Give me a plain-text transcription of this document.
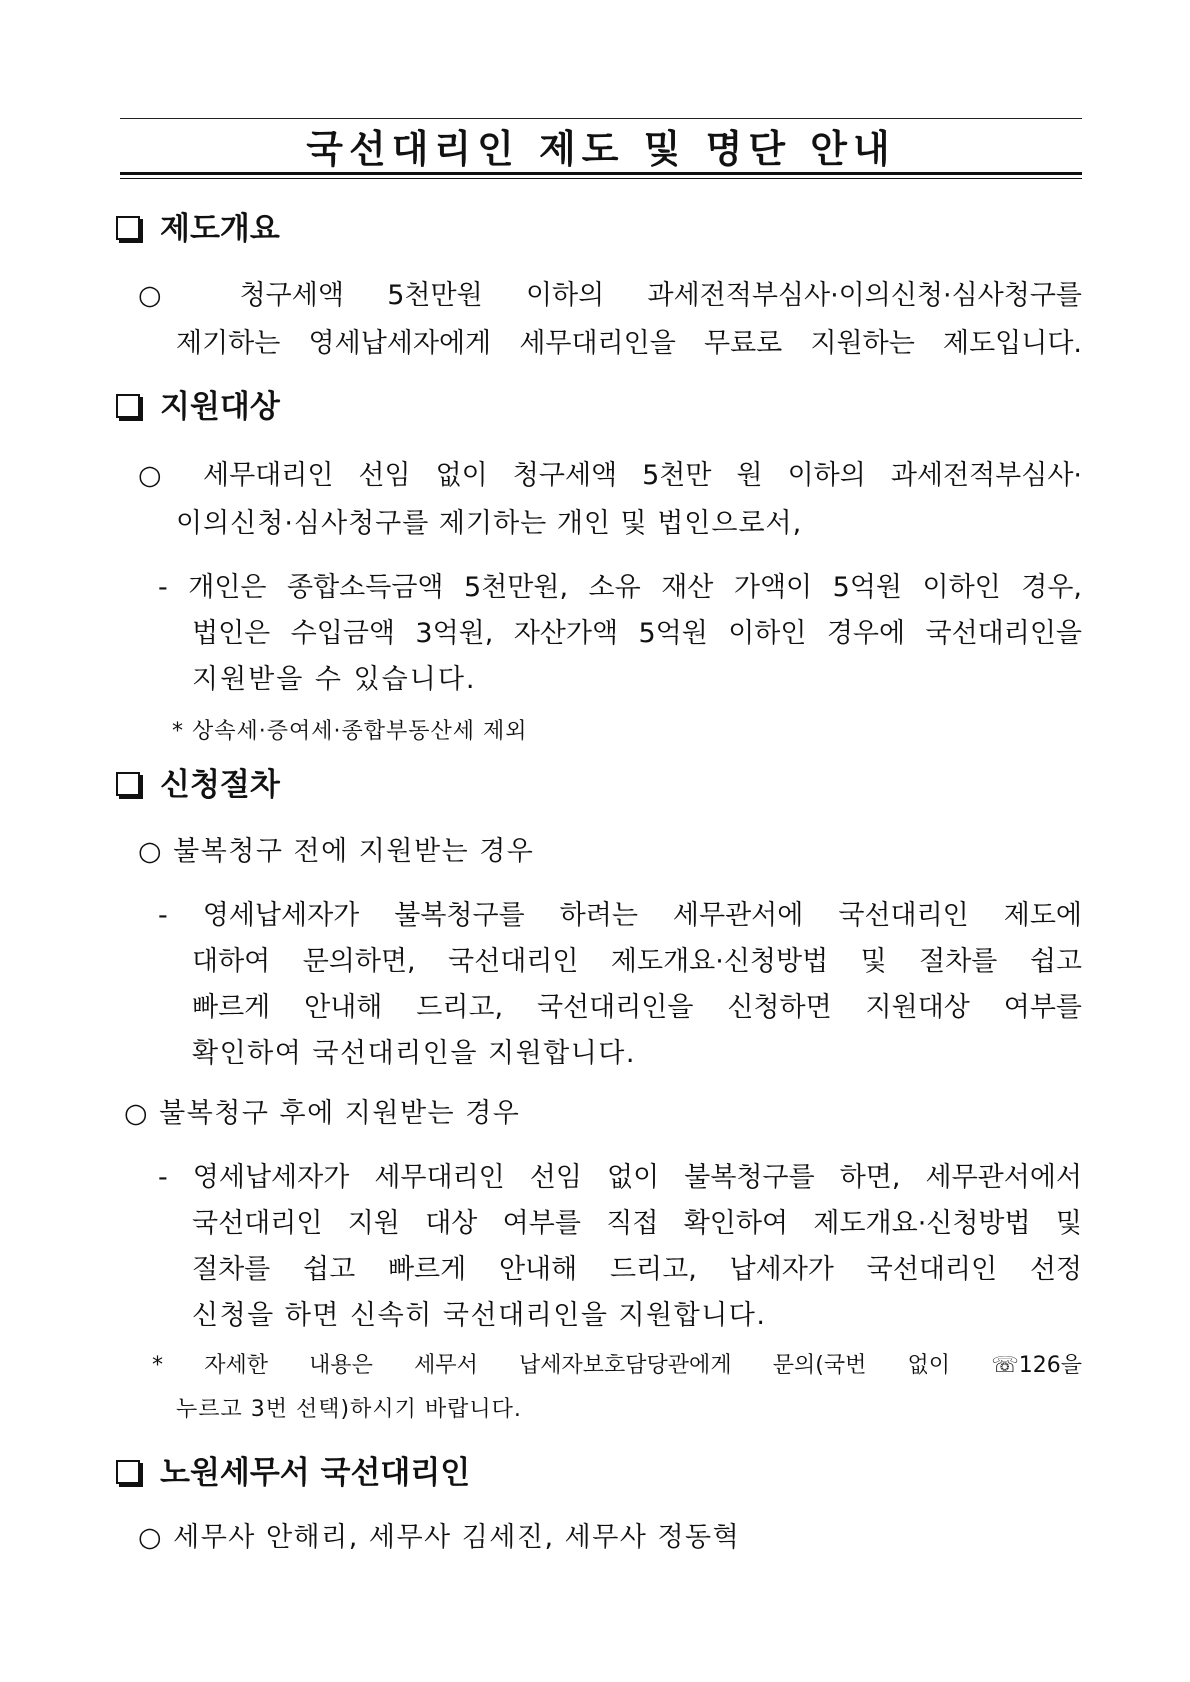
국선대리인 제도 및 명단 안내
제도개요
○ 청구세액 5천만원 이하의 과세전적부심사·이의신청·심사청구를
제기하는 영세납세자에게 세무대리인을 무료로 지원하는 제도입니다.
지원대상
○ 세무대리인 선임 없이 청구세액 5천만 원 이하의 과세전적부심사·
이의신청·심사청구를 제기하는 개인 및 법인으로서,
- 개인은 종합소득금액 5천만원, 소유 재산 가액이 5억원 이하인 경우,
법인은 수입금액 3억원, 자산가액 5억원 이하인 경우에 국선대리인을
지원받을 수 있습니다.
* 상속세·증여세·종합부동산세 제외
신청절차
○ 불복청구 전에 지원받는 경우
- 영세납세자가 불복청구를 하려는 세무관서에 국선대리인 제도에
대하여 문의하면, 국선대리인 제도개요·신청방법 및 절차를 쉽고
빠르게 안내해 드리고, 국선대리인을 신청하면 지원대상 여부를
확인하여 국선대리인을 지원합니다.
○ 불복청구 후에 지원받는 경우
- 영세납세자가 세무대리인 선임 없이 불복청구를 하면, 세무관서에서
국선대리인 지원 대상 여부를 직접 확인하여 제도개요·신청방법 및
절차를 쉽고 빠르게 안내해 드리고, 납세자가 국선대리인 선정
신청을 하면 신속히 국선대리인을 지원합니다.
* 자세한 내용은 세무서 납세자보호담당관에게 문의(국번 없이 ☏126을
누르고 3번 선택)하시기 바랍니다.
노원세무서 국선대리인
○ 세무사 안해리, 세무사 김세진, 세무사 정동혁
